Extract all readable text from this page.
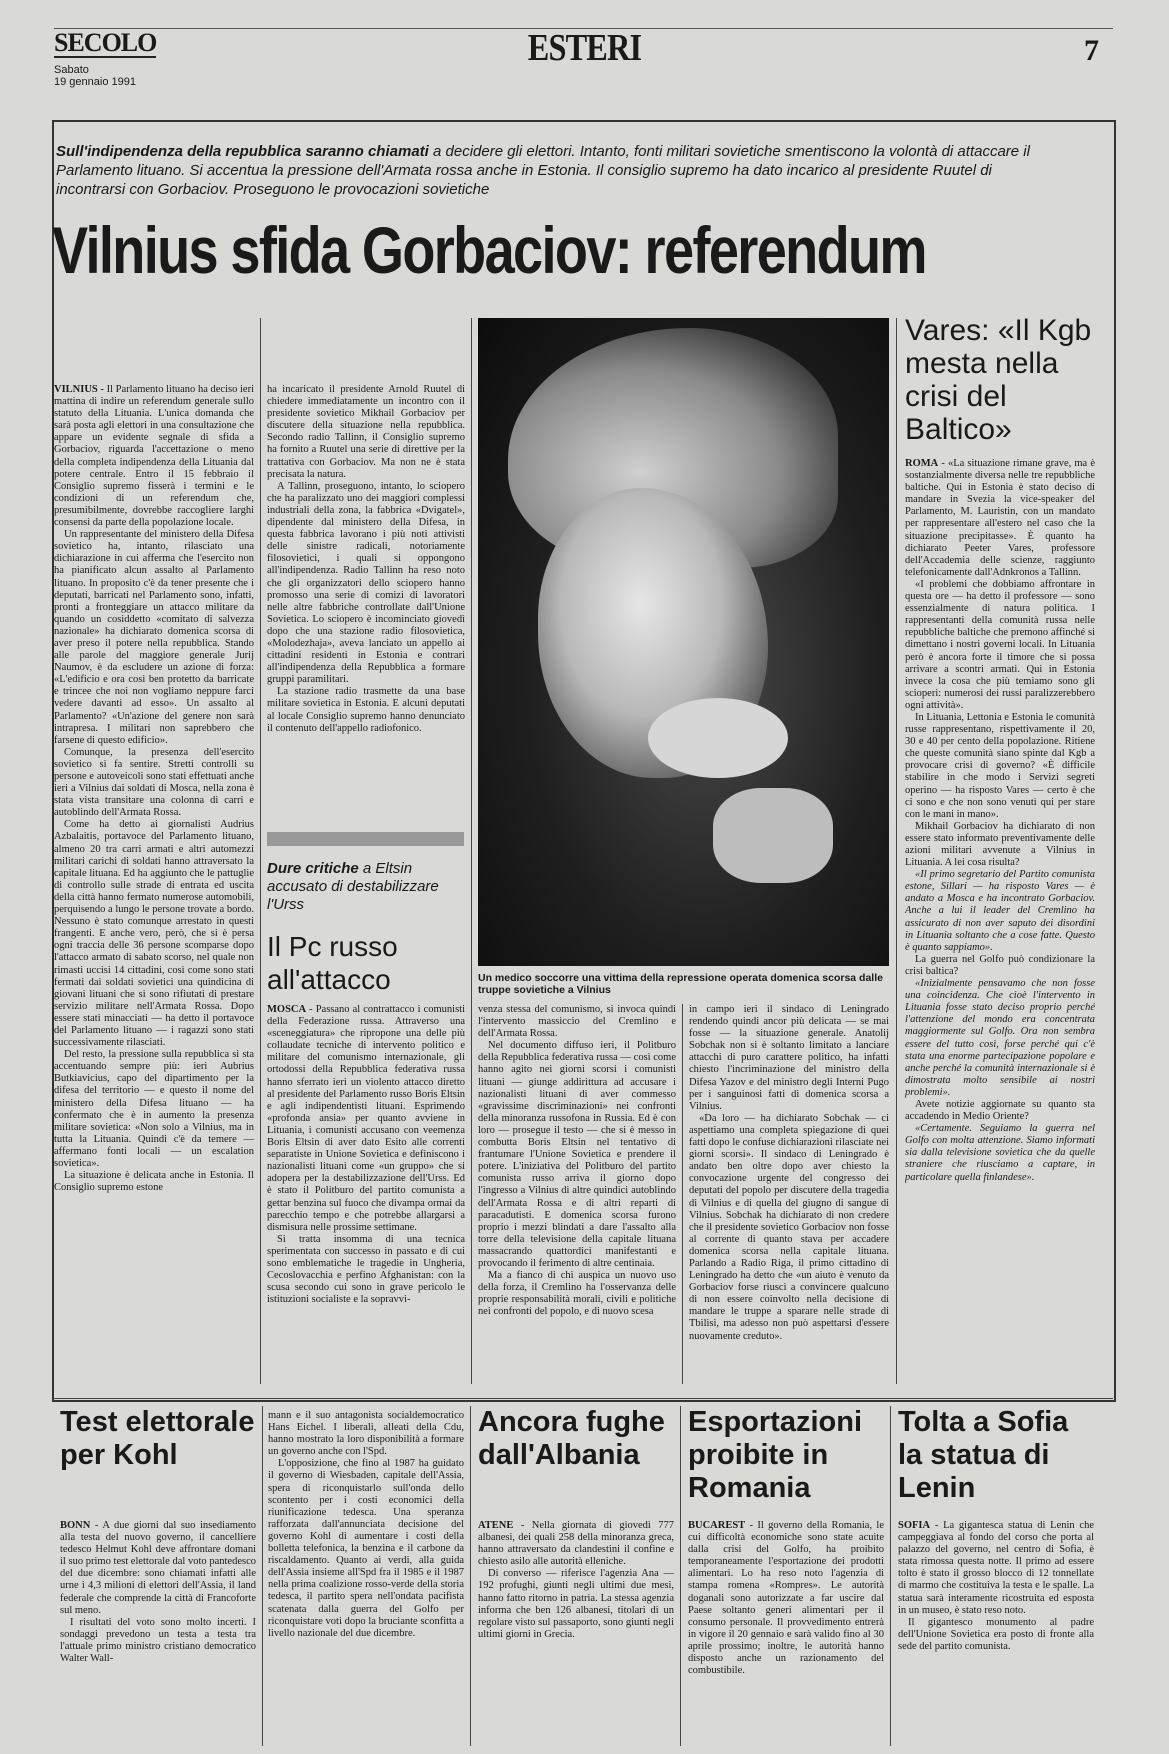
SECOLO
Sabato
19 gennaio 1991
ESTERI	7
Sull'indipendenza della repubblica saranno chiamati a decidere gli elettori. Intanto, fonti militari sovietiche smentiscono la volontà di attaccare il Parlamento lituano. Si accentua la pressione dell'Armata rossa anche in Estonia. Il consiglio supremo ha dato incarico al presidente Ruutel di incontrarsi con Gorbaciov. Proseguono le provocazioni sovietiche
Vilnius sfida Gorbaciov: referendum

VILNIUS - Il Parlamento lituano ha deciso ieri mattina di indire un referendum generale sullo statuto della Lituania. L'unica domanda che sarà posta agli elettori in una consultazione che appare un evidente segnale di sfida a Gorbaciov, riguarda l'accettazione o meno della completa indipendenza della Lituania dal potere centrale. Entro il 15 febbraio il Consiglio supremo fisserà i termini e le condizioni di un referendum che, presumibilmente, dovrebbe raccogliere larghi consensi da parte della popolazione locale.

Un rappresentante del ministero della Difesa sovietico ha, intanto, rilasciato una dichiarazione in cui afferma che l'esercito non ha pianificato alcun assalto al Parlamento lituano. In proposito c'è da tener presente che i deputati, barricati nel Parlamento sono, infatti, pronti a fronteggiare un attacco militare da quando un cosiddetto «comitato di salvezza nazionale» ha dichiarato domenica scorsa di aver preso il potere nella repubblica. Stando alle parole del maggiore generale Jurij Naumov, è da escludere un azione di forza: «L'edificio e ora così ben protetto da barricate e trincee che noi non vogliamo neppure farci vedere davanti ad esso». Un assalto al Parlamento? «Un'azione del genere non sarà intrapresa. I militari non saprebbero che farsene di questo edificio».

Comunque, la presenza dell'esercito sovietico si fa sentire. Stretti controlli su persone e autoveicoli sono stati effettuati anche ieri a Vilnius dai soldati di Mosca, nella zona è stata vista transitare una colonna di carri e autoblindo dell'Armata Rossa.

Come ha detto ai giornalisti Audrius Azbalaitis, portavoce del Parlamento lituano, almeno 20 tra carri armati e altri automezzi militari carichi di soldati hanno attraversato la capitale lituana. Ed ha aggiunto che le pattuglie di controllo sulle strade di entrata ed uscita della città hanno fermato numerose automobili, perquisendo a lungo le persone trovate a bordo. Nessuno è stato comunque arrestato in questi frangenti. E anche vero, però, che si è persa ogni traccia delle 36 persone scomparse dopo l'attacco armato di sabato scorso, nel quale non rimasti uccisi 14 cittadini, così come sono stati fermati dai soldati sovietici una quindicina di giovani lituani che si sono rifiutati di prestare servizio militare nell'Armata Rossa. Dopo essere stati minacciati — ha detto il portavoce del Parlamento lituano — i ragazzi sono stati successivamente rilasciati.

Del resto, la pressione sulla repubblica si sta accentuando sempre più: ieri Aubrius Butkiavicius, capo del dipartimento per la difesa del territorio — e questo il nome del ministero della Difesa lituano — ha confermato che è in aumento la presenza militare sovietica: «Non solo a Vilnius, ma in tutta la Lituania. Quindi c'è da temere — affermano fonti locali — un escalation sovietica».

La situazione è delicata anche in Estonia. Il Consiglio supremo estone

ha incaricato il presidente Arnold Ruutel di chiedere immediatamente un incontro con il presidente sovietico Mikhail Gorbaciov per discutere della situazione nella repubblica. Secondo radio Tallinn, il Consiglio supremo ha fornito a Ruutel una serie di direttive per la trattativa con Gorbaciov. Ma non ne è stata precisata la natura.

A Tallinn, proseguono, intanto, lo sciopero che ha paralizzato uno dei maggiori complessi industriali della zona, la fabbrica «Dvigatel», dipendente dal ministero della Difesa, in questa fabbrica lavorano i più noti attivisti delle sinistre radicali, notoriamente filosovietici, i quali si oppongono all'indipendenza. Radio Tallinn ha reso noto che gli organizzatori dello sciopero hanno promosso una serie di comizi di lavoratori nelle altre fabbriche controllate dall'Unione Sovietica. Lo sciopero è incominciato giovedì dopo che una stazione radio filosovietica, «Molodezhaja», aveva lanciato un appello ai cittadini residenti in Estonia e contrari all'indipendenza della Repubblica a formare gruppi paramilitari.

La stazione radio trasmette da una base militare sovietica in Estonia. E alcuni deputati al locale Consiglio supremo hanno denunciato il contenuto dell'appello radiofonico.

Dure critiche a Eltsin accusato di destabilizzare l'Urss
Il Pc russo all'attacco	Un medico soccorre una vittima della repressione operata domenica scorsa dalle truppe sovietiche a Vilnius

MOSCA - Passano al contrattacco i comunisti della Federazione russa. Attraverso una «sceneggiatura» che ripropone una delle più collaudate tecniche di intervento politico e militare del comunismo internazionale, gli ortodossi della Repubblica federativa russa hanno sferrato ieri un violento attacco diretto al presidente del Parlamento russo Boris Eltsin e agli indipendentisti lituani. Esprimendo «profonda ansia» per quanto avviene in Lituania, i comunisti accusano con veemenza Boris Eltsin di aver dato Esito alle correnti separatiste in Unione Sovietica e definiscono i nazionalisti lituani come «un gruppo» che si adopera per la destabilizzazione dell'Urss. Ed è stato il Politburo del partito comunista a gettar benzina sul fuoco che divampa ormai da parecchio tempo e che potrebbe allargarsi a dismisura nelle prossime settimane.

Si tratta insomma di una tecnica sperimentata con successo in passato e di cui sono emblematiche le tragedie in Ungheria, Cecoslovacchia e perfino Afghanistan: con la scusa secondo cui sono in grave pericolo le istituzioni socialiste e la sopravvi-

venza stessa del comunismo, si invoca quindi l'intervento massiccio del Cremlino e dell'Armata Rossa.

Nel documento diffuso ieri, il Politburo della Repubblica federativa russa — così come hanno agito nei giorni scorsi i comunisti lituani — giunge addirittura ad accusare i nazionalisti lituani di aver commesso «gravissime discriminazioni» nei confronti della minoranza russofona in Russia. Ed è con loro — prosegue il testo — che si è messo in combutta Boris Eltsin nel tentativo di frantumare l'Unione Sovietica e prendere il potere. L'iniziativa del Politburo del partito comunista russo arriva il giorno dopo l'ingresso a Vilnius di altre quindici autoblindo dell'Armata Rossa e di altri reparti di paracadutisti. E domenica scorsa furono proprio i mezzi blindati a dare l'assalto alla torre della televisione della capitale lituana massacrando quattordici manifestanti e provocando il ferimento di altre centinaia.

Ma a fianco di chi auspica un nuovo uso della forza, il Cremlino ha l'osservanza delle proprie responsabilità morali, civili e politiche nei confronti del popolo, e di nuovo scesa

in campo ieri il sindaco di Leningrado rendendo quindi ancor più delicata — se mai fosse — la situazione generale. Anatolij Sobchak non si è soltanto limitato a lanciare attacchi di puro carattere politico, ha infatti chiesto l'incriminazione del ministro della Difesa Yazov e del ministro degli Interni Pugo per i sanguinosi fatti di domenica scorsa a Vilnius.

«Da loro — ha dichiarato Sobchak — ci aspettiamo una completa spiegazione di quei fatti dopo le confuse dichiarazioni rilasciate nei giorni scorsi». Il sindaco di Leningrado è andato ben oltre dopo aver chiesto la convocazione urgente del congresso dei deputati del popolo per discutere della tragedia di Vilnius e di quella del giugno di sangue di Vilnius. Sobchak ha dichiarato di non credere che il presidente sovietico Gorbaciov non fosse al corrente di quanto stava per accadere domenica scorsa nella capitale lituana. Parlando a Radio Riga, il primo cittadino di Leningrado ha detto che «un aiuto è venuto da Gorbaciov forse riuscì a convincere qualcuno di non essere coinvolto nella decisione di mandare le truppe a sparare nelle strade di Tbilisi, ma adesso non può aspettarsi d'essere nuovamente creduto».

Vares: «Il Kgb mesta nella crisi del Baltico»

ROMA - «La situazione rimane grave, ma è sostanzialmente diversa nelle tre repubbliche baltiche. Qui in Estonia è stato deciso di mandare in Svezia la vice-speaker del Parlamento, M. Lauristin, con un mandato per rappresentare all'estero nel caso che la situazione precipitasse». È quanto ha dichiarato Peeter Vares, professore dell'Accademia delle scienze, raggiunto telefonicamente dall'Adnkronos a Tallinn.

«I problemi che dobbiamo affrontare in questa ore — ha detto il professore — sono essenzialmente di natura politica. I rappresentanti della comunità russa nelle repubbliche baltiche che premono affinché si dimettano i nostri governi locali. In Lituania però è ancora forte il timore che si possa arrivare a scontri armati. Qui in Estonia invece la cosa che più temiamo sono gli scioperi: numerosi dei russi paralizzerebbero ogni attività».

In Lituania, Lettonia e Estonia le comunità russe rappresentano, rispettivamente il 20, 30 e 40 per cento della popolazione. Ritiene che queste comunità siano spinte dal Kgb a provocare crisi di governo? «È difficile stabilire in che modo i Servizi segreti operino — ha risposto Vares — certo è che ci sono e che non sono venuti qui per stare con le mani in mano».

Mikhail Gorbaciov ha dichiarato di non essere stato informato preventivamente delle azioni militari avvenute a Vilnius in Lituania. A lei cosa risulta?

«Il primo segretario del Partito comunista estone, Sillari — ha risposto Vares — è andato a Mosca e ha incontrato Gorbaciov. Anche a lui il leader del Cremlino ha assicurato di non aver saputo dei disordini in Lituania soltanto che a cose fatte. Questo è quanto sappiamo».

La guerra nel Golfo può condizionare la crisi baltica?

«Inizialmente pensavamo che non fosse una coincidenza. Che cioè l'intervento in Lituania fosse stato deciso proprio perché l'attenzione del mondo era concentrata maggiormente sul Golfo. Ora non sembra essere del tutto così, forse perché qui c'è stata una enorme partecipazione popolare e anche perché la comunità internazionale si è dimostrata molto sensibile ai nostri problemi».

Avete notizie aggiornate su quanto sta accadendo in Medio Oriente?

«Certamente. Seguiamo la guerra nel Golfo con molta attenzione. Siamo informati sia dalla televisione sovietica che da quelle straniere che riusciamo a captare, in particolare quella finlandese».

Test elettorale per Kohl

BONN - A due giorni dal suo insediamento alla testa del nuovo governo, il cancelliere tedesco Helmut Kohl deve affrontare domani il suo primo test elettorale dal voto pantedesco del due dicembre: sono chiamati infatti alle urne i 4,3 milioni di elettori dell'Assia, il land federale che comprende la città di Francoforte sul meno.

I risultati del voto sono molto incerti. I sondaggi prevedono un testa a testa tra l'attuale primo ministro cristiano democratico Walter Wall-

mann e il suo antagonista socialdemocratico Hans Eichel. I liberali, alleati della Cdu, hanno mostrato la loro disponibilità a formare un governo anche con l'Spd.

L'opposizione, che fino al 1987 ha guidato il governo di Wiesbaden, capitale dell'Assia, spera di riconquistarlo sull'onda dello scontento per i costi economici della riunificazione tedesca. Una speranza rafforzata dall'annunciata decisione del governo Kohl di aumentare i costi della bolletta telefonica, la benzina e il carbone da riscaldamento. Quanto ai verdi, alla guida dell'Assia insieme all'Spd fra il 1985 e il 1987 nella prima coalizione rosso-verde della storia tedesca, il partito spera nell'ondata pacifista scatenata dalla guerra del Golfo per riconquistare voti dopo la bruciante sconfitta a livello nazionale del due dicembre.

Ancora fughe dall'Albania

ATENE - Nella giornata di giovedì 777 albanesi, dei quali 258 della minoranza greca, hanno attraversato da clandestini il confine e chiesto asilo alle autorità elleniche.

Di converso — riferisce l'agenzia Ana — 192 profughi, giunti negli ultimi due mesi, hanno fatto ritorno in patria. La stessa agenzia informa che ben 126 albanesi, titolari di un regolare visto sul passaporto, sono giunti negli ultimi giorni in Grecia.

Esportazioni proibite in Romania

BUCAREST - Il governo della Romania, le cui difficoltà economiche sono state acuite dalla crisi del Golfo, ha proibito temporaneamente l'esportazione dei prodotti alimentari. Lo ha reso noto l'agenzia di stampa romena «Rompres». Le autorità doganali sono autorizzate a far uscire dal Paese soltanto generi alimentari per il consumo personale. Il provvedimento entrerà in vigore il 20 gennaio e sarà valido fino al 30 aprile prossimo; inoltre, le autorità hanno disposto anche un razionamento del combustibile.

Tolta a Sofia la statua di Lenin

SOFIA - La gigantesca statua di Lenin che campeggiava al fondo del corso che porta al palazzo del governo, nel centro di Sofia, è stata rimossa questa notte. Il primo ad essere tolto è stato il grosso blocco di 12 tonnellate di marmo che costituiva la testa e le spalle. La statua sarà interamente ricostruita ed esposta in un museo, è stato reso noto.

Il gigantesco monumento al padre dell'Unione Sovietica era posto di fronte alla sede del partito comunista.
